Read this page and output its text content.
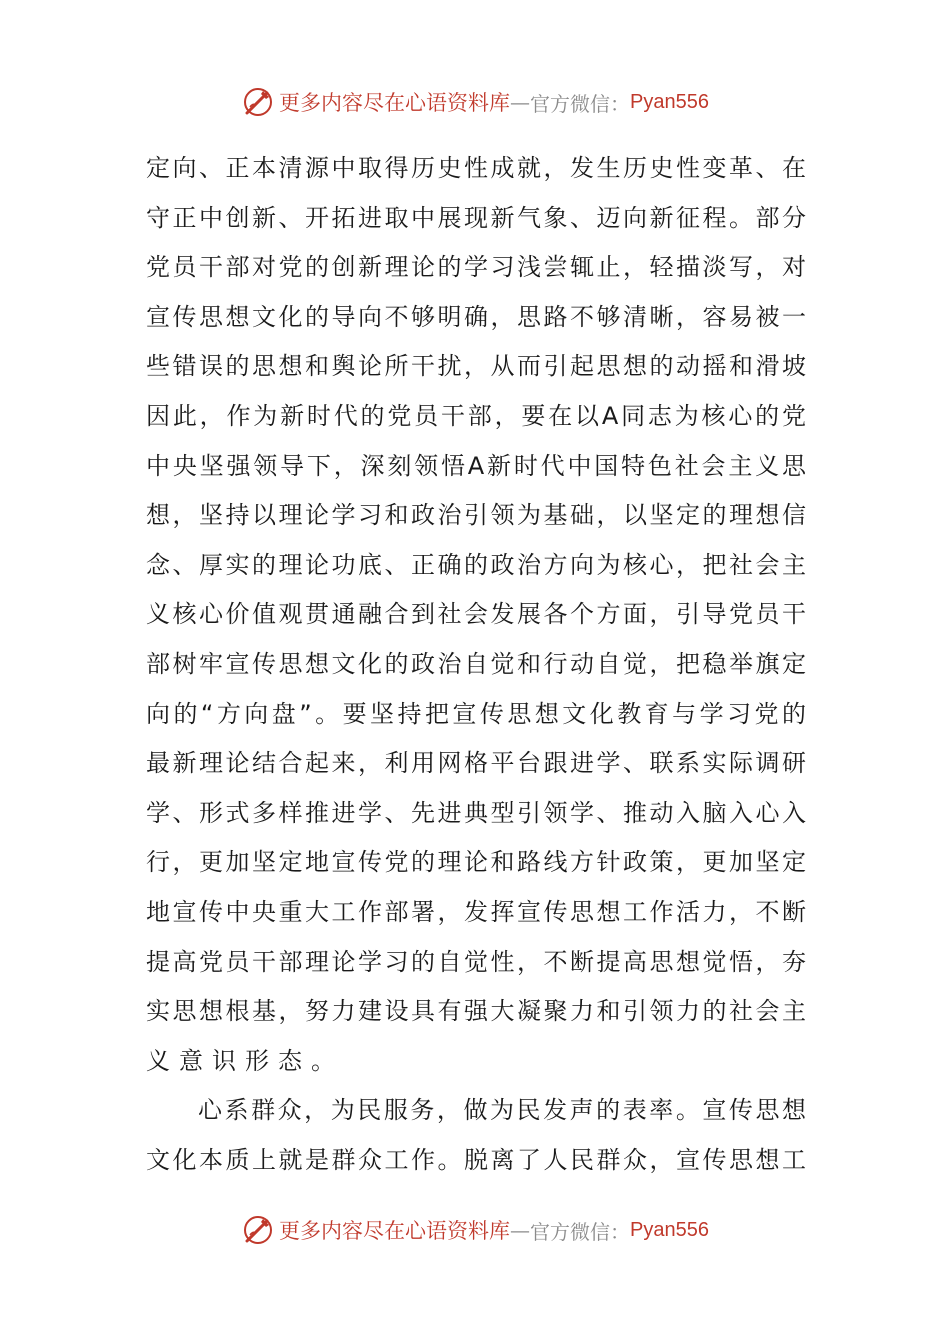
更多内容尽在心语资料库 — 官方微信： Pyan556
定向、正本清源中取得历史性成就，发生历史性变革、在
守正中创新、开拓进取中展现新气象、迈向新征程。部分
党员干部对党的创新理论的学习浅尝辄止，轻描淡写，对
宣传思想文化的导向不够明确，思路不够清晰，容易被一
些错误的思想和舆论所干扰，从而引起思想的动摇和滑坡
因此，作为新时代的党员干部，要在以A同志为核心的党
中央坚强领导下，深刻领悟A新时代中国特色社会主义思
想，坚持以理论学习和政治引领为基础，以坚定的理想信
念、厚实的理论功底、正确的政治方向为核心，把社会主
义核心价值观贯通融合到社会发展各个方面，引导党员干
部树牢宣传思想文化的政治自觉和行动自觉，把稳举旗定
向的“方向盘”。要坚持把宣传思想文化教育与学习党的
最新理论结合起来，利用网格平台跟进学、联系实际调研
学、形式多样推进学、先进典型引领学、推动入脑入心入
行，更加坚定地宣传党的理论和路线方针政策，更加坚定
地宣传中央重大工作部署，发挥宣传思想工作活力，不断
提高党员干部理论学习的自觉性，不断提高思想觉悟，夯
实思想根基，努力建设具有强大凝聚力和引领力的社会主
义意识形态。
心系群众，为民服务，做为民发声的表率。宣传思想
文化本质上就是群众工作。脱离了人民群众，宣传思想工
更多内容尽在心语资料库 — 官方微信： Pyan556
